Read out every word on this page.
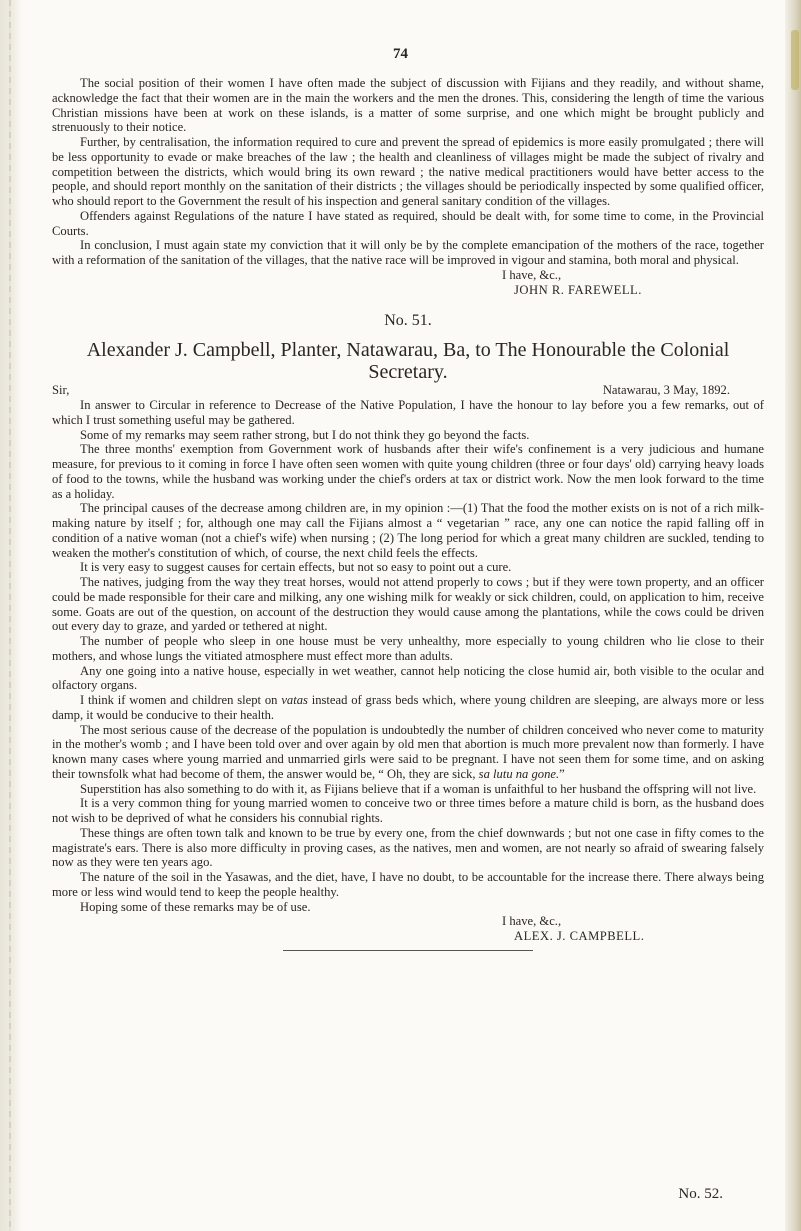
74

The social position of their women I have often made the subject of discussion with Fijians and they readily, and without shame, acknowledge the fact that their women are in the main the workers and the men the drones. This, considering the length of time the various Christian missions have been at work on these islands, is a matter of some surprise, and one which might be brought publicly and strenuously to their notice.

Further, by centralisation, the information required to cure and prevent the spread of epidemics is more easily promulgated ; there will be less opportunity to evade or make breaches of the law ; the health and cleanliness of villages might be made the subject of rivalry and competition between the districts, which would bring its own reward ; the native medical practitioners would have better access to the people, and should report monthly on the sanitation of their districts ; the villages should be periodically inspected by some qualified officer, who should report to the Government the result of his inspection and general sanitary condition of the villages.

Offenders against Regulations of the nature I have stated as required, should be dealt with, for some time to come, in the Provincial Courts.

In conclusion, I must again state my conviction that it will only be by the complete emancipation of the mothers of the race, together with a reformation of the sanitation of the villages, that the native race will be improved in vigour and stamina, both moral and physical.

I have, &c.,
JOHN R. FAREWELL.
No. 51.
Alexander J. Campbell, Planter, Natawarau, Ba, to The Honourable the Colonial Secretary.
Sir,	Natawarau, 3 May, 1892.

In answer to Circular in reference to Decrease of the Native Population, I have the honour to lay before you a few remarks, out of which I trust something useful may be gathered.

Some of my remarks may seem rather strong, but I do not think they go beyond the facts.

The three months' exemption from Government work of husbands after their wife's confinement is a very judicious and humane measure, for previous to it coming in force I have often seen women with quite young children (three or four days' old) carrying heavy loads of food to the towns, while the husband was working under the chief's orders at tax or district work. Now the men look forward to the time as a holiday.

The principal causes of the decrease among children are, in my opinion :—(1) That the food the mother exists on is not of a rich milk-making nature by itself ; for, although one may call the Fijians almost a “ vegetarian ” race, any one can notice the rapid falling off in condition of a native woman (not a chief's wife) when nursing ; (2) The long period for which a great many children are suckled, tending to weaken the mother's constitution of which, of course, the next child feels the effects.

It is very easy to suggest causes for certain effects, but not so easy to point out a cure.

The natives, judging from the way they treat horses, would not attend properly to cows ; but if they were town property, and an officer could be made responsible for their care and milking, any one wishing milk for weakly or sick children, could, on application to him, receive some. Goats are out of the question, on account of the destruction they would cause among the plantations, while the cows could be driven out every day to graze, and yarded or tethered at night.

The number of people who sleep in one house must be very unhealthy, more especially to young children who lie close to their mothers, and whose lungs the vitiated atmosphere must effect more than adults.

Any one going into a native house, especially in wet weather, cannot help noticing the close humid air, both visible to the ocular and olfactory organs.

I think if women and children slept on vatas instead of grass beds which, where young children are sleeping, are always more or less damp, it would be conducive to their health.

The most serious cause of the decrease of the population is undoubtedly the number of children conceived who never come to maturity in the mother's womb ; and I have been told over and over again by old men that abortion is much more prevalent now than formerly. I have known many cases where young married and unmarried girls were said to be pregnant. I have not seen them for some time, and on asking their townsfolk what had become of them, the answer would be, “ Oh, they are sick, sa lutu na gone.”

Superstition has also something to do with it, as Fijians believe that if a woman is unfaithful to her husband the offspring will not live.

It is a very common thing for young married women to conceive two or three times before a mature child is born, as the husband does not wish to be deprived of what he considers his connubial rights.

These things are often town talk and known to be true by every one, from the chief downwards ; but not one case in fifty comes to the magistrate's ears. There is also more difficulty in proving cases, as the natives, men and women, are not nearly so afraid of swearing falsely now as they were ten years ago.

The nature of the soil in the Yasawas, and the diet, have, I have no doubt, to be accountable for the increase there. There always being more or less wind would tend to keep the people healthy.

Hoping some of these remarks may be of use.

I have, &c.,
ALEX. J. CAMPBELL.
No. 52.
